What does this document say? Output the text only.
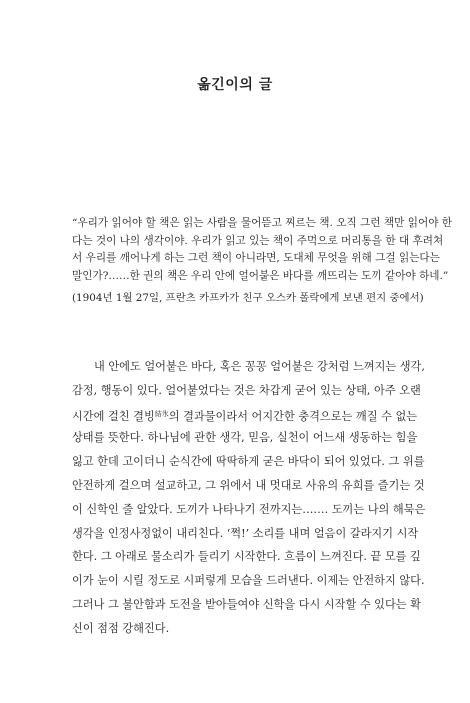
옮긴이의 글
“우리가 읽어야 할 책은 읽는 사람을 물어뜯고 찌르는 책. 오직 그런 책만 읽어야 한
다는 것이 나의 생각이야. 우리가 읽고 있는 책이 주먹으로 머리통을 한 대 후려쳐
서 우리를 깨어나게 하는 그런 책이 아니라면, 도대체 무엇을 위해 그걸 읽는다는
말인가?……한 권의 책은 우리 안에 얼어붙은 바다를 깨뜨리는 도끼 같아야 하네.”
(1904년 1월 27일, 프란츠 카프카가 친구 오스카 폴락에게 보낸 편지 중에서)
내 안에도 얼어붙은 바다, 혹은 꽁꽁 얼어붙은 강처럼 느껴지는 생각,
감정, 행동이 있다. 얼어붙었다는 것은 차갑게 굳어 있는 상태, 아주 오랜
시간에 걸친 결빙$^{結氷}$의 결과물이라서 어지간한 충격으로는 깨질 수 없는
상태를 뜻한다. 하나님에 관한 생각, 믿음, 실천이 어느새 생동하는 힘을
잃고 한데 고이더니 순식간에 딱딱하게 굳은 바닥이 되어 있었다. 그 위를
안전하게 걸으며 설교하고, 그 위에서 내 멋대로 사유의 유희를 즐기는 것
이 신학인 줄 알았다. 도끼가 나타나기 전까지는……. 도끼는 나의 해묵은
생각을 인정사정없이 내리친다. ‘쩍!’ 소리를 내며 얼음이 갈라지기 시작
한다. 그 아래로 물소리가 들리기 시작한다. 흐름이 느껴진다. 끝 모를 깊
이가 눈이 시릴 정도로 시퍼렇게 모습을 드러낸다. 이제는 안전하지 않다.
그러나 그 불안함과 도전을 받아들여야 신학을 다시 시작할 수 있다는 확
신이 점점 강해진다.
